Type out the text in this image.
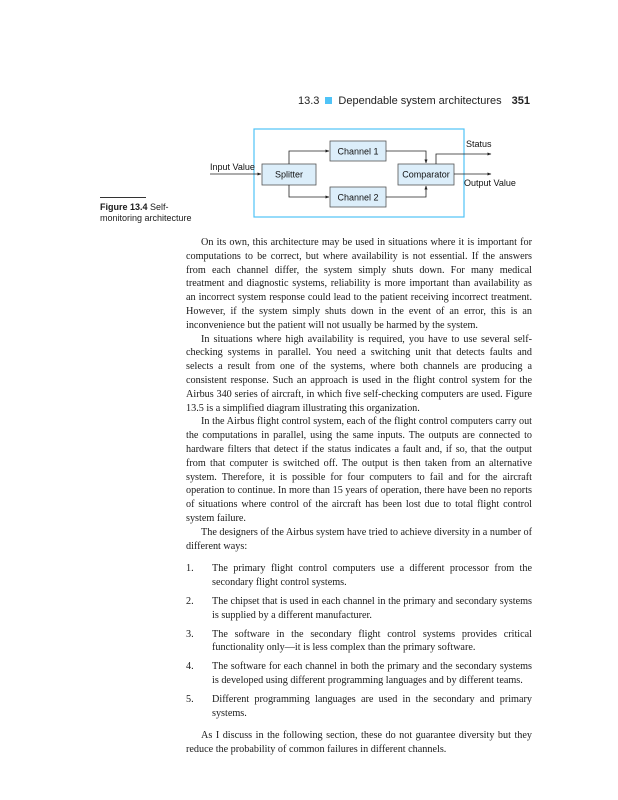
13.3 Dependable system architectures 351
Channel 1
Channel 2
Splitter	Comparator
Input Value
Status
Output Value
Figure 13.4 Self-monitoring architecture

On its own, this architecture may be used in situations where it is important for computations to be correct, but where availability is not essential. If the answers from each channel differ, the system simply shuts down. For many medical treatment and diagnostic systems, reliability is more important than availability as an incorrect system response could lead to the patient receiving incorrect treatment. However, if the system simply shuts down in the event of an error, this is an inconvenience but the patient will not usually be harmed by the system.

In situations where high availability is required, you have to use several self-checking systems in parallel. You need a switching unit that detects faults and selects a result from one of the systems, where both channels are producing a consistent response. Such an approach is used in the flight control system for the Airbus 340 series of aircraft, in which five self-checking computers are used. Figure 13.5 is a simplified diagram illustrating this organization.

In the Airbus flight control system, each of the flight control computers carry out the computations in parallel, using the same inputs. The outputs are connected to hardware filters that detect if the status indicates a fault and, if so, that the output from that computer is switched off. The output is then taken from an alternative system. Therefore, it is possible for four computers to fail and for the aircraft operation to continue. In more than 15 years of operation, there have been no reports of situations where control of the aircraft has been lost due to total flight control system failure.

The designers of the Airbus system have tried to achieve diversity in a number of different ways:

1. The primary flight control computers use a different processor from the secondary flight control systems.
2. The chipset that is used in each channel in the primary and secondary systems is supplied by a different manufacturer.
3. The software in the secondary flight control systems provides critical functionality only—it is less complex than the primary software.
4. The software for each channel in both the primary and the secondary systems is developed using different programming languages and by different teams.
5. Different programming languages are used in the secondary and primary systems.

As I discuss in the following section, these do not guarantee diversity but they reduce the probability of common failures in different channels.
